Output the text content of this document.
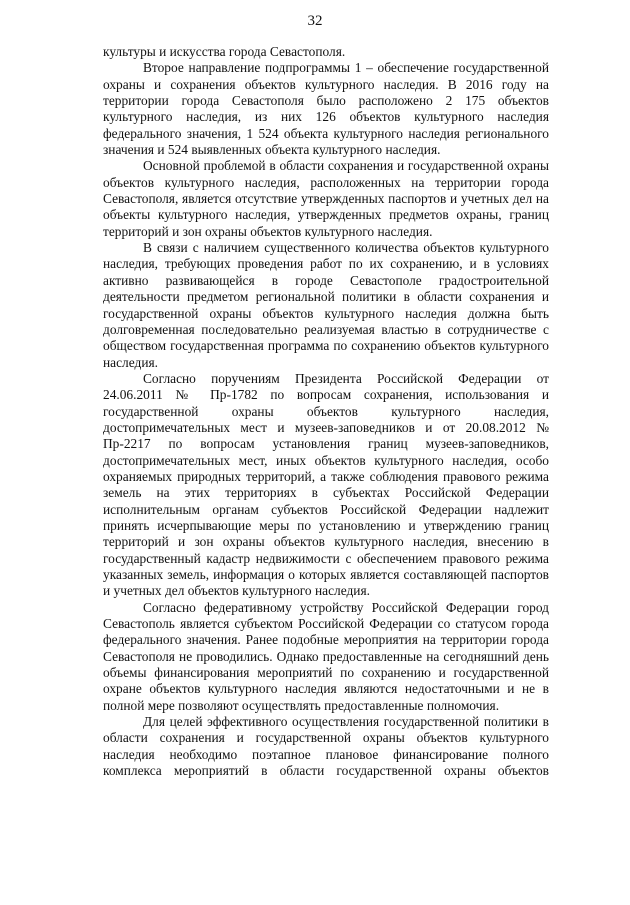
32

культуры и искусства города Севастополя.

Второе направление подпрограммы 1 – обеспечение государственной охраны и сохранения объектов культурного наследия. В 2016 году на территории города Севастополя было расположено 2 175 объектов культурного наследия, из них 126 объектов культурного наследия федерального значения, 1 524 объекта культурного наследия регионального значения и 524 выявленных объекта культурного наследия.

Основной проблемой в области сохранения и государственной охраны объектов культурного наследия, расположенных на территории города Севастополя, является отсутствие утвержденных паспортов и учетных дел на объекты культурного наследия, утвержденных предметов охраны, границ территорий и зон охраны объектов культурного наследия.

В связи с наличием существенного количества объектов культурного наследия, требующих проведения работ по их сохранению, и в условиях активно развивающейся в городе Севастополе градостроительной деятельности предметом региональной политики в области сохранения и государственной охраны объектов культурного наследия должна быть долговременная последовательно реализуемая властью в сотрудничестве с обществом государственная программа по сохранению объектов культурного наследия.

Согласно поручениям Президента Российской Федерации от 24.06.2011 № Пр-1782 по вопросам сохранения, использования и государственной охраны объектов культурного наследия, достопримечательных мест и музеев-заповедников и от 20.08.2012 № Пр-2217 по вопросам установления границ музеев-заповедников, достопримечательных мест, иных объектов культурного наследия, особо охраняемых природных территорий, а также соблюдения правового режима земель на этих территориях в субъектах Российской Федерации исполнительным органам субъектов Российской Федерации надлежит принять исчерпывающие меры по установлению и утверждению границ территорий и зон охраны объектов культурного наследия, внесению в государственный кадастр недвижимости с обеспечением правового режима указанных земель, информация о которых является составляющей паспортов и учетных дел объектов культурного наследия.

Согласно федеративному устройству Российской Федерации город Севастополь является субъектом Российской Федерации со статусом города федерального значения. Ранее подобные мероприятия на территории города Севастополя не проводились. Однако предоставленные на сегодняшний день объемы финансирования мероприятий по сохранению и государственной охране объектов культурного наследия являются недостаточными и не в полной мере позволяют осуществлять предоставленные полномочия.

Для целей эффективного осуществления государственной политики в области сохранения и государственной охраны объектов культурного наследия необходимо поэтапное плановое финансирование полного комплекса мероприятий в области государственной охраны объектов
